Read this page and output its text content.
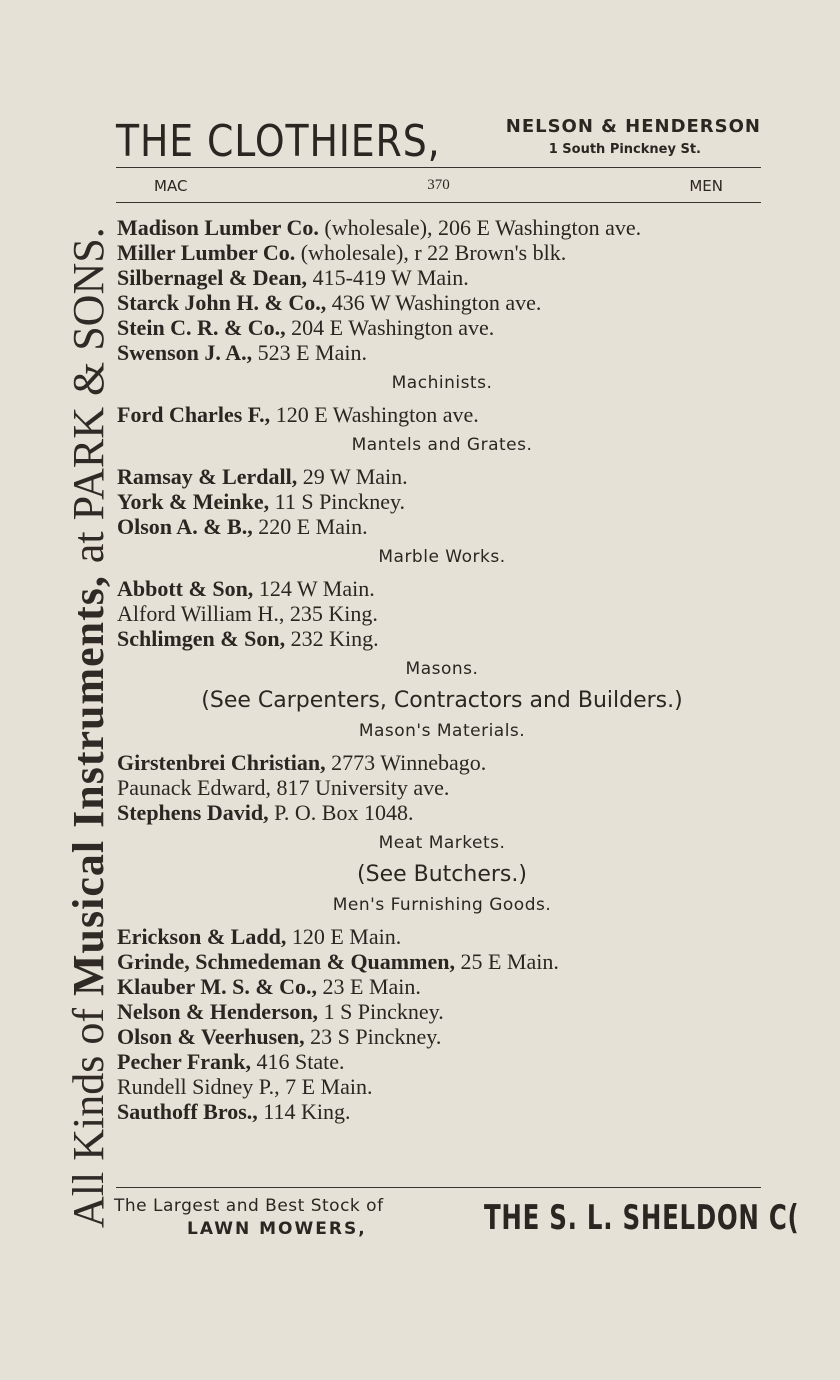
All Kinds of
Musical Instruments,
at PARK & SONS.
THE CLOTHIERS,	NELSON & HENDERSON
1 South Pinckney St.
MAC	370	MEN
Madison Lumber Co. (wholesale), 206 E Washington ave.
Miller Lumber Co. (wholesale), r 22 Brown's blk.
Silbernagel & Dean, 415-419 W Main.
Starck John H. & Co., 436 W Washington ave.
Stein C. R. & Co., 204 E Washington ave.
Swenson J. A., 523 E Main.
Machinists.
Ford Charles F., 120 E Washington ave.
Mantels and Grates.
Ramsay & Lerdall, 29 W Main.
York & Meinke, 11 S Pinckney.
Olson A. & B., 220 E Main.
Marble Works.
Abbott & Son, 124 W Main.
Alford William H., 235 King.
Schlimgen & Son, 232 King.
Masons.
(See Carpenters, Contractors and Builders.)
Mason's Materials.
Girstenbrei Christian, 2773 Winnebago.
Paunack Edward, 817 University ave.
Stephens David, P. O. Box 1048.
Meat Markets.
(See Butchers.)
Men's Furnishing Goods.
Erickson & Ladd, 120 E Main.
Grinde, Schmedeman & Quammen, 25 E Main.
Klauber M. S. & Co., 23 E Main.
Nelson & Henderson, 1 S Pinckney.
Olson & Veerhusen, 23 S Pinckney.
Pecher Frank, 416 State.
Rundell Sidney P., 7 E Main.
Sauthoff Bros., 114 King.
The Largest and Best Stock of
LAWN MOWERS,	THE S. L. SHELDON C(
